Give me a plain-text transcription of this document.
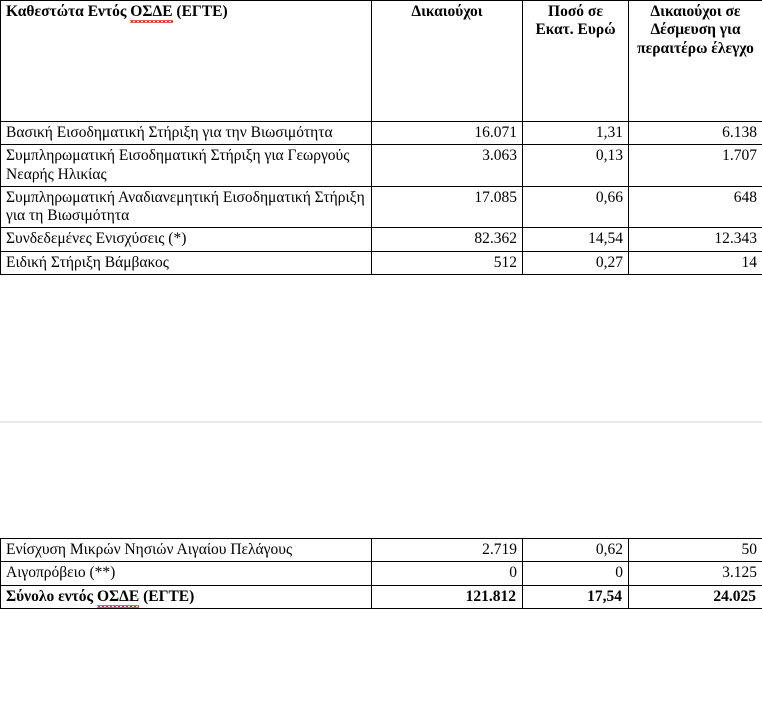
Καθεστώτα Εντός ΟΣΔΕ (ΕΓΤΕ)	Δικαιούχοι	Ποσό σε Εκατ. Ευρώ	Δικαιούχοι σε Δέσμευση για περαιτέρω έλεγχο
Βασική Εισοδηματική Στήριξη για την Βιωσιμότητα	16.071	1,31	6.138
Συμπληρωματική Εισοδηματική Στήριξη για Γεωργούς Νεαρής Ηλικίας	3.063	0,13	1.707
Συμπληρωματική Αναδιανεμητική Εισοδηματική Στήριξη για τη Βιωσιμότητα	17.085	0,66	648
Συνδεδεμένες Ενισχύσεις (*)	82.362	14,54	12.343
Ειδική Στήριξη Βάμβακος	512	0,27	14
Ενίσχυση Μικρών Νησιών Αιγαίου Πελάγους	2.719	0,62	50
Αιγοπρόβειο (**)	0	0	3.125
Σύνολο εντός ΟΣΔΕ (ΕΓΤΕ)	121.812	17,54	24.025
